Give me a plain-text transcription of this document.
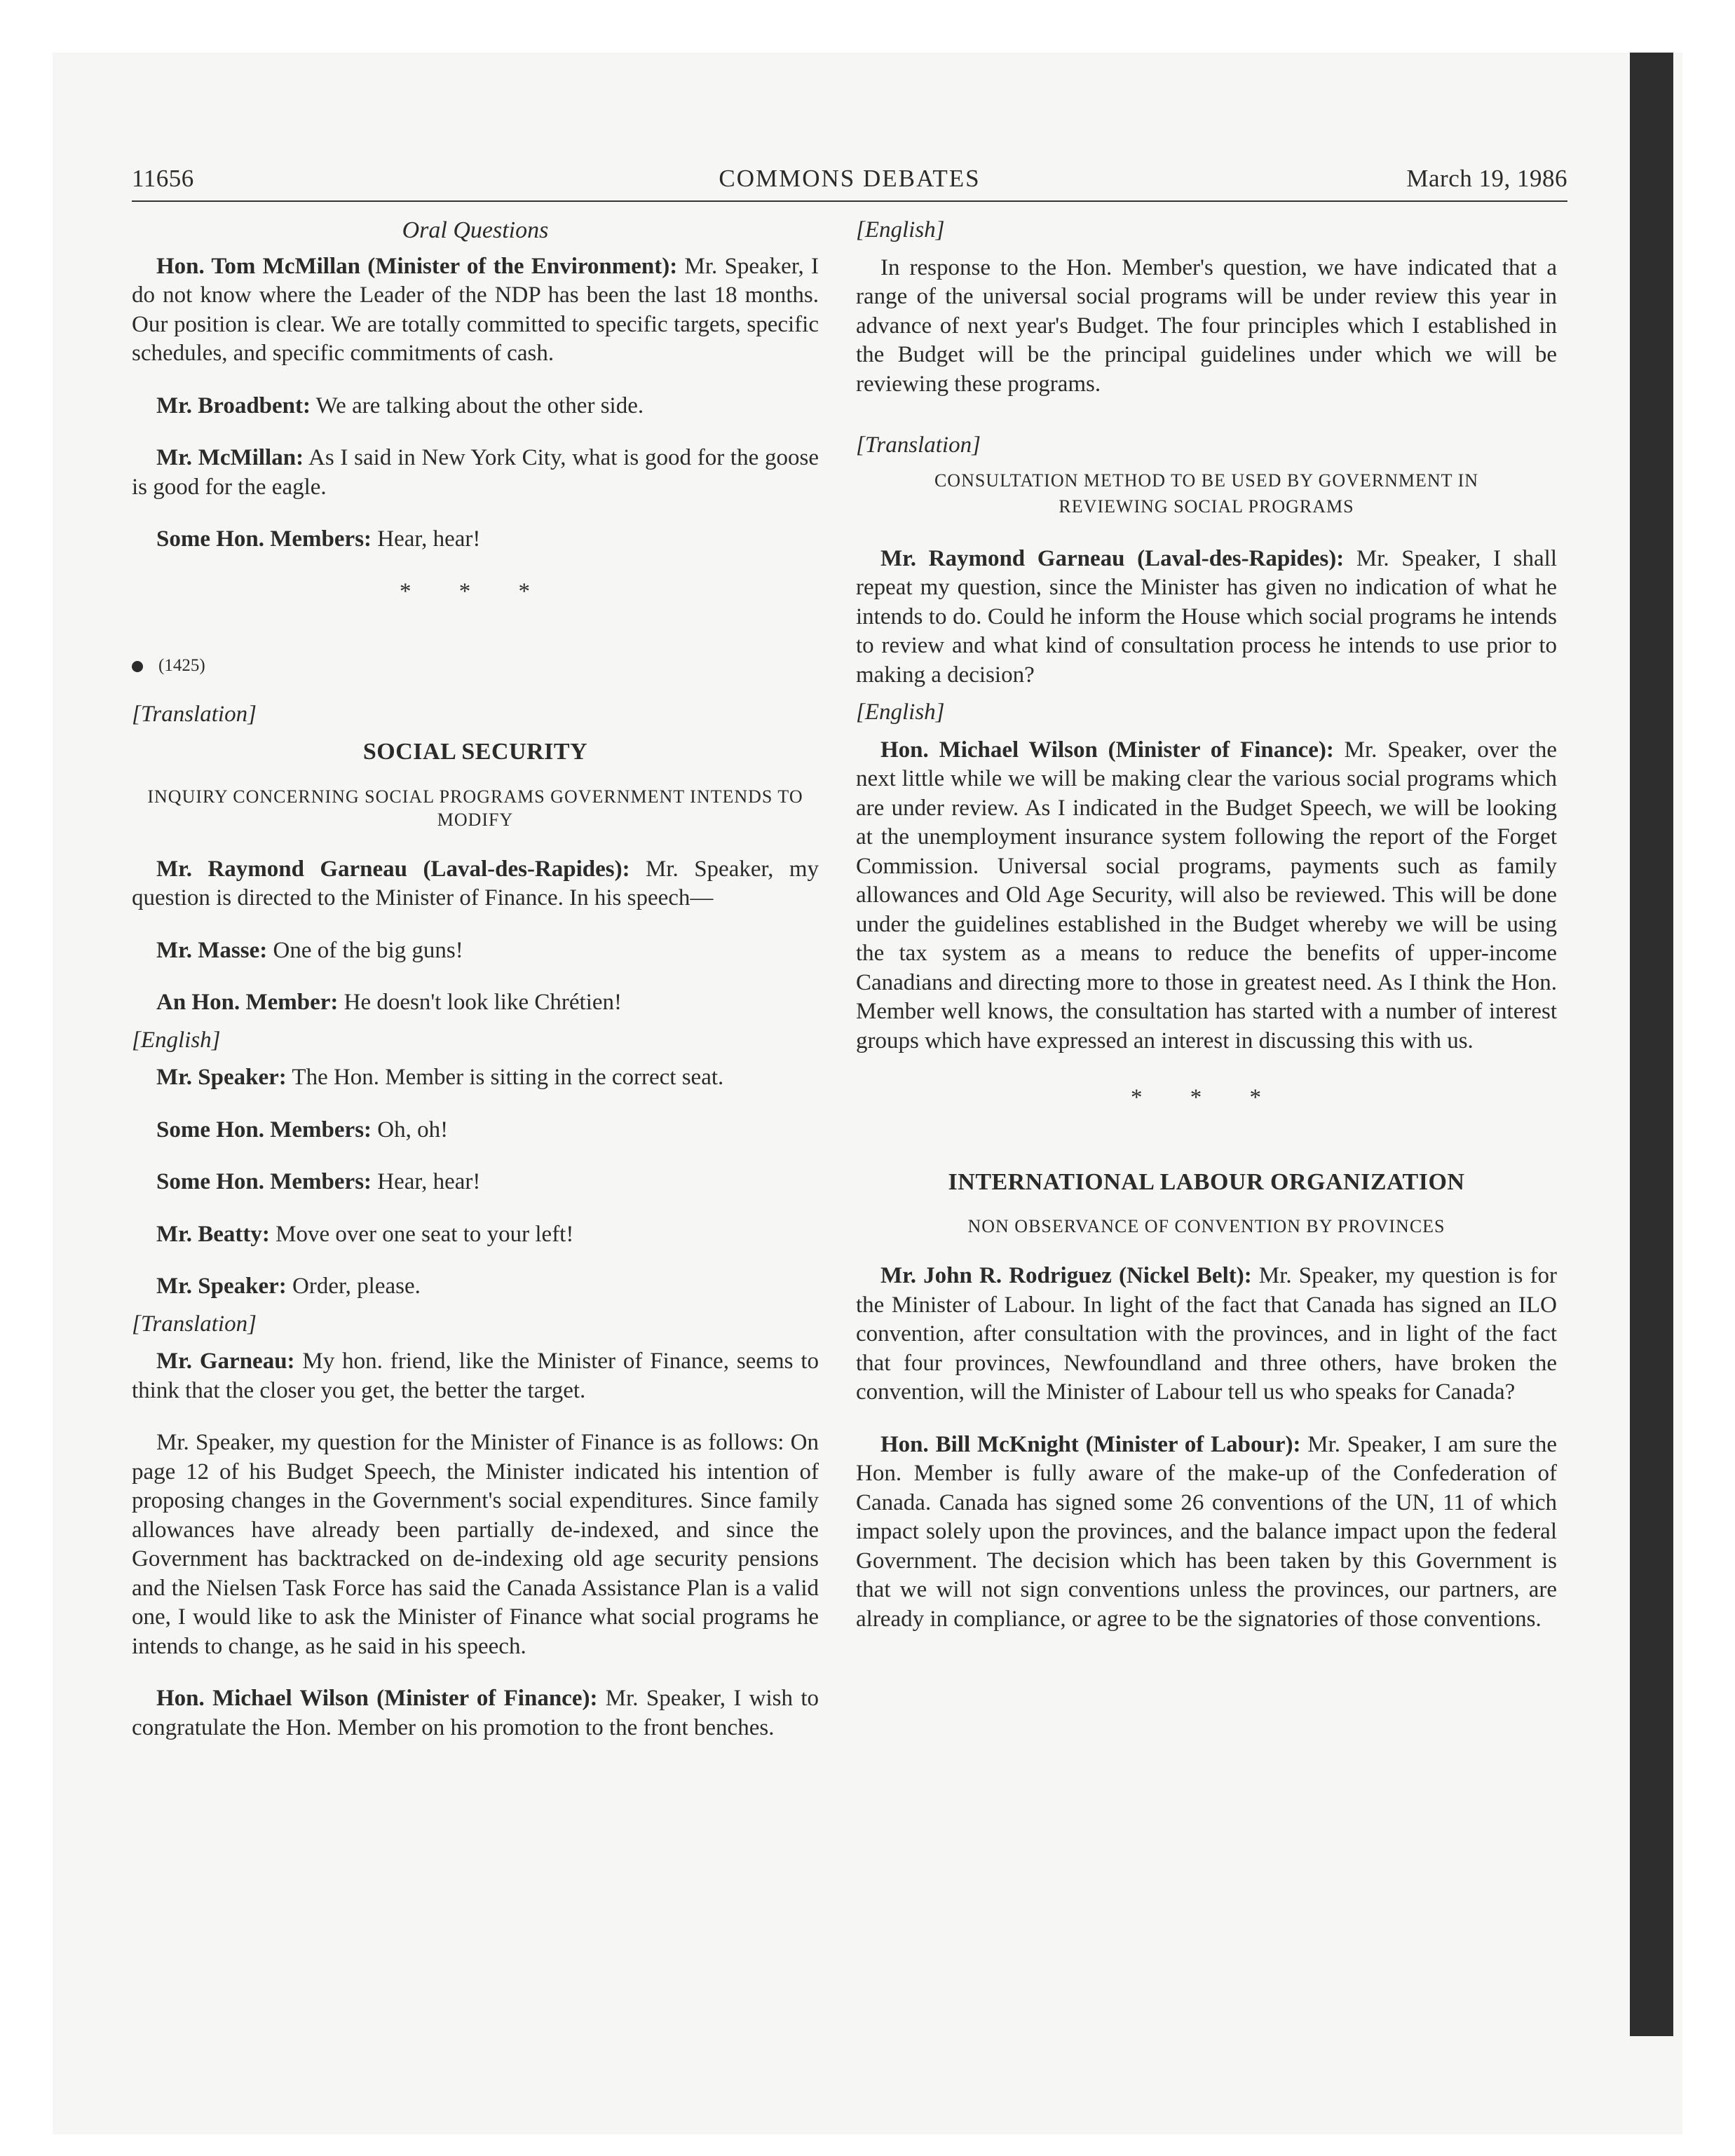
11656	COMMONS DEBATES	March 19, 1986
Oral Questions

Hon. Tom McMillan (Minister of the Environment): Mr. Speaker, I do not know where the Leader of the NDP has been the last 18 months. Our position is clear. We are totally committed to specific targets, specific schedules, and specific commitments of cash.

Mr. Broadbent: We are talking about the other side.

Mr. McMillan: As I said in New York City, what is good for the goose is good for the eagle.

Some Hon. Members: Hear, hear!

* * *
(1425)
[Translation]
SOCIAL SECURITY
INQUIRY CONCERNING SOCIAL PROGRAMS GOVERNMENT INTENDS TO MODIFY

Mr. Raymond Garneau (Laval-des-Rapides): Mr. Speaker, my question is directed to the Minister of Finance. In his speech—

Mr. Masse: One of the big guns!

An Hon. Member: He doesn't look like Chrétien!

[English]

Mr. Speaker: The Hon. Member is sitting in the correct seat.

Some Hon. Members: Oh, oh!

Some Hon. Members: Hear, hear!

Mr. Beatty: Move over one seat to your left!

Mr. Speaker: Order, please.

[Translation]

Mr. Garneau: My hon. friend, like the Minister of Finance, seems to think that the closer you get, the better the target.

Mr. Speaker, my question for the Minister of Finance is as follows: On page 12 of his Budget Speech, the Minister indicated his intention of proposing changes in the Government's social expenditures. Since family allowances have already been partially de-indexed, and since the Government has backtracked on de-indexing old age security pensions and the Nielsen Task Force has said the Canada Assistance Plan is a valid one, I would like to ask the Minister of Finance what social programs he intends to change, as he said in his speech.

Hon. Michael Wilson (Minister of Finance): Mr. Speaker, I wish to congratulate the Hon. Member on his promotion to the front benches.

[English]

In response to the Hon. Member's question, we have indicated that a range of the universal social programs will be under review this year in advance of next year's Budget. The four principles which I established in the Budget will be the principal guidelines under which we will be reviewing these programs.

[Translation]
CONSULTATION METHOD TO BE USED BY GOVERNMENT IN
REVIEWING SOCIAL PROGRAMS

Mr. Raymond Garneau (Laval-des-Rapides): Mr. Speaker, I shall repeat my question, since the Minister has given no indication of what he intends to do. Could he inform the House which social programs he intends to review and what kind of consultation process he intends to use prior to making a decision?

[English]

Hon. Michael Wilson (Minister of Finance): Mr. Speaker, over the next little while we will be making clear the various social programs which are under review. As I indicated in the Budget Speech, we will be looking at the unemployment insurance system following the report of the Forget Commission. Universal social programs, payments such as family allowances and Old Age Security, will also be reviewed. This will be done under the guidelines established in the Budget whereby we will be using the tax system as a means to reduce the benefits of upper-income Canadians and directing more to those in greatest need. As I think the Hon. Member well knows, the consultation has started with a number of interest groups which have expressed an interest in discussing this with us.

* * *
INTERNATIONAL LABOUR ORGANIZATION
NON OBSERVANCE OF CONVENTION BY PROVINCES

Mr. John R. Rodriguez (Nickel Belt): Mr. Speaker, my question is for the Minister of Labour. In light of the fact that Canada has signed an ILO convention, after consultation with the provinces, and in light of the fact that four provinces, Newfoundland and three others, have broken the convention, will the Minister of Labour tell us who speaks for Canada?

Hon. Bill McKnight (Minister of Labour): Mr. Speaker, I am sure the Hon. Member is fully aware of the make-up of the Confederation of Canada. Canada has signed some 26 conventions of the UN, 11 of which impact solely upon the provinces, and the balance impact upon the federal Government. The decision which has been taken by this Government is that we will not sign conventions unless the provinces, our partners, are already in compliance, or agree to be the signatories of those conventions.
